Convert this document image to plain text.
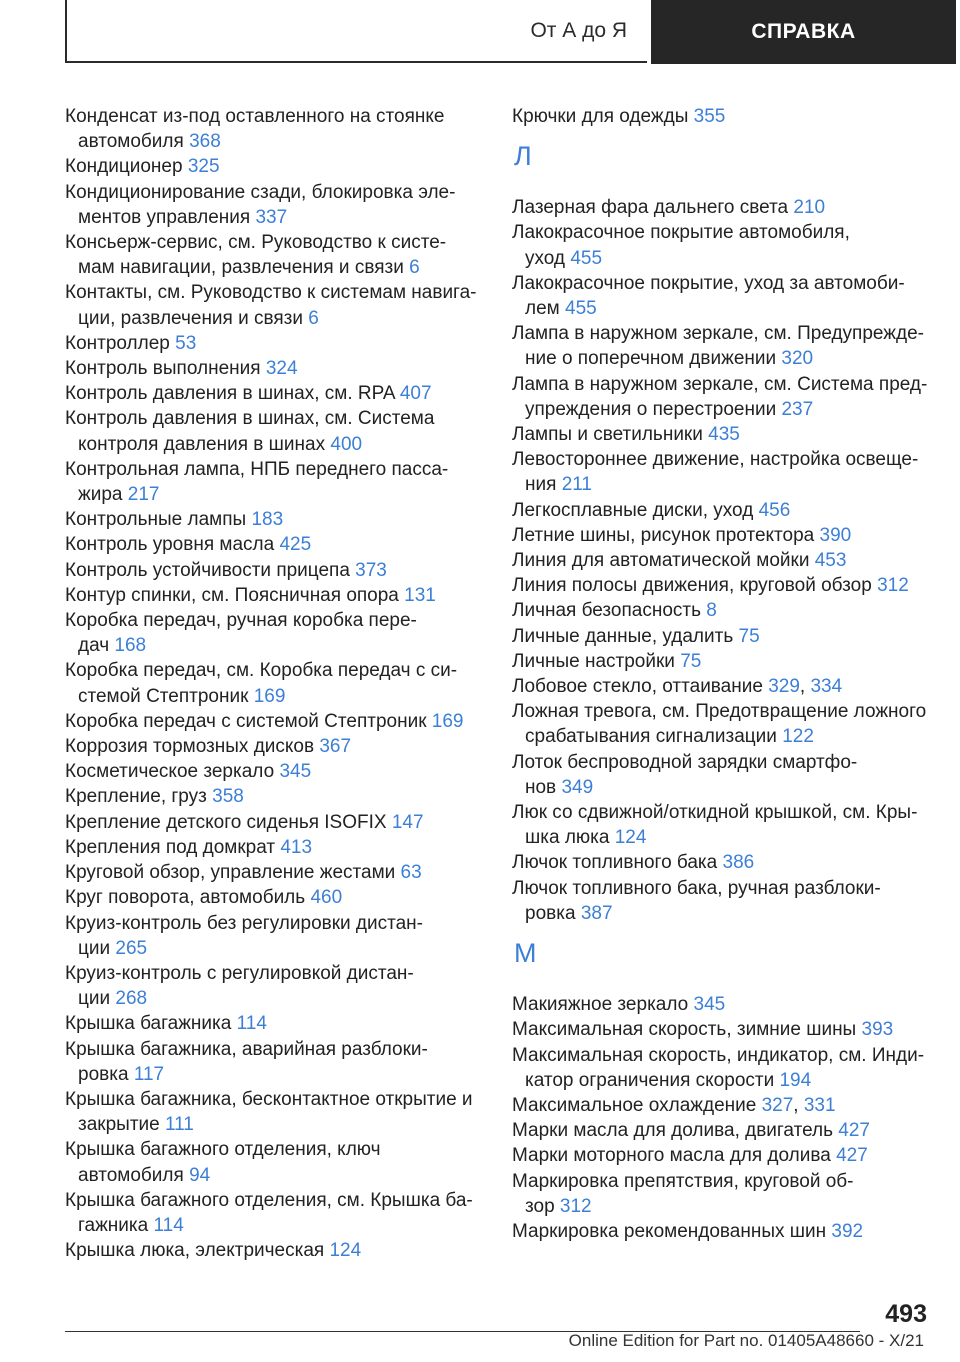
От А до Я	СПРАВКА
Конденсат из-под оставленного на стоянке
автомобиля 368
Кондиционер 325
Кондиционирование сзади, блокировка эле-
ментов управления 337
Консьерж-сервис, см. Руководство к систе-
мам навигации, развлечения и связи 6
Контакты, см. Руководство к системам навига-
ции, развлечения и связи 6
Контроллер 53
Контроль выполнения 324
Контроль давления в шинах, см. RPA 407
Контроль давления в шинах, см. Система
контроля давления в шинах 400
Контрольная лампа, НПБ переднего пасса-
жира 217
Контрольные лампы 183
Контроль уровня масла 425
Контроль устойчивости прицепа 373
Контур спинки, см. Поясничная опора 131
Коробка передач, ручная коробка пере-
дач 168
Коробка передач, см. Коробка передач с си-
стемой Стептроник 169
Коробка передач с системой Стептроник 169
Коррозия тормозных дисков 367
Косметическое зеркало 345
Крепление, груз 358
Крепление детского сиденья ISOFIX 147
Крепления под домкрат 413
Круговой обзор, управление жестами 63
Круг поворота, автомобиль 460
Круиз-контроль без регулировки дистан-
ции 265
Круиз-контроль с регулировкой дистан-
ции 268
Крышка багажника 114
Крышка багажника, аварийная разблоки-
ровка 117
Крышка багажника, бесконтактное открытие и
закрытие 111
Крышка багажного отделения, ключ
автомобиля 94
Крышка багажного отделения, см. Крышка ба-
гажника 114
Крышка люка, электрическая 124
Крючки для одежды 355
Л
Лазерная фара дальнего света 210
Лакокрасочное покрытие автомобиля,
уход 455
Лакокрасочное покрытие, уход за автомоби-
лем 455
Лампа в наружном зеркале, см. Предупрежде-
ние о поперечном движении 320
Лампа в наружном зеркале, см. Система пред-
упреждения о перестроении 237
Лампы и светильники 435
Левостороннее движение, настройка освеще-
ния 211
Легкосплавные диски, уход 456
Летние шины, рисунок протектора 390
Линия для автоматической мойки 453
Линия полосы движения, круговой обзор 312
Личная безопасность 8
Личные данные, удалить 75
Личные настройки 75
Лобовое стекло, оттаивание 329, 334
Ложная тревога, см. Предотвращение ложного
срабатывания сигнализации 122
Лоток беспроводной зарядки смартфо-
нов 349
Люк со сдвижной/откидной крышкой, см. Кры-
шка люка 124
Лючок топливного бака 386
Лючок топливного бака, ручная разблоки-
ровка 387
М
Макияжное зеркало 345
Максимальная скорость, зимние шины 393
Максимальная скорость, индикатор, см. Инди-
катор ограничения скорости 194
Максимальное охлаждение 327, 331
Марки масла для долива, двигатель 427
Марки моторного масла для долива 427
Маркировка препятствия, круговой об-
зор 312
Маркировка рекомендованных шин 392
493
Online Edition for Part no. 01405A48660 - X/21
